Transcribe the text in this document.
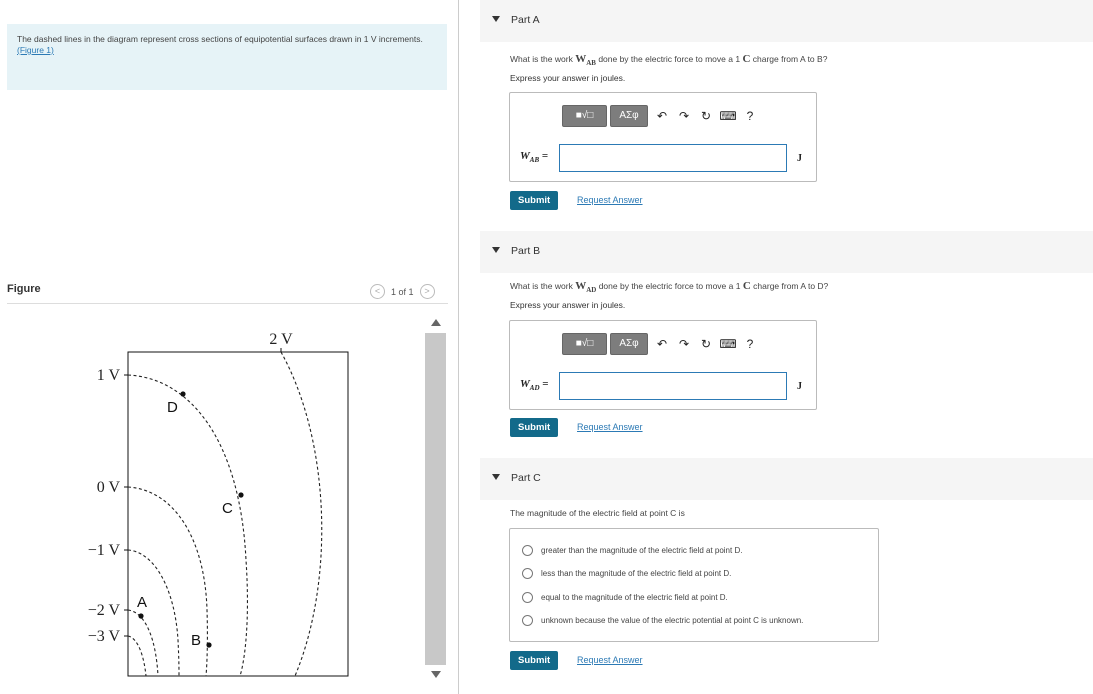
The dashed lines in the diagram represent cross sections of equipotential surfaces drawn in 1 V increments. (Figure 1)
Figure	<	1 of 1	>
2 V
1 V
0 V
−1 V
−2 V
−3 V
A
B
C
D
Part A
What is the work $W_{AB}$ done by the electric force to move a 1 C charge from A to B?
Express your answer in joules.
■√□	AΣφ	↶ ↷ ↻ ⌨ ?
$W_{AB}$ =	J
Submit	Request Answer
Part B
What is the work $W_{AD}$ done by the electric force to move a 1 C charge from A to D?
Express your answer in joules.
■√□	AΣφ	↶ ↷ ↻ ⌨ ?
$W_{AD}$ =	J
Submit	Request Answer
Part C
The magnitude of the electric field at point C is
greater than the magnitude of the electric field at point D.
less than the magnitude of the electric field at point D.
equal to the magnitude of the electric field at point D.
unknown because the value of the electric potential at point C is unknown.
Submit	Request Answer
